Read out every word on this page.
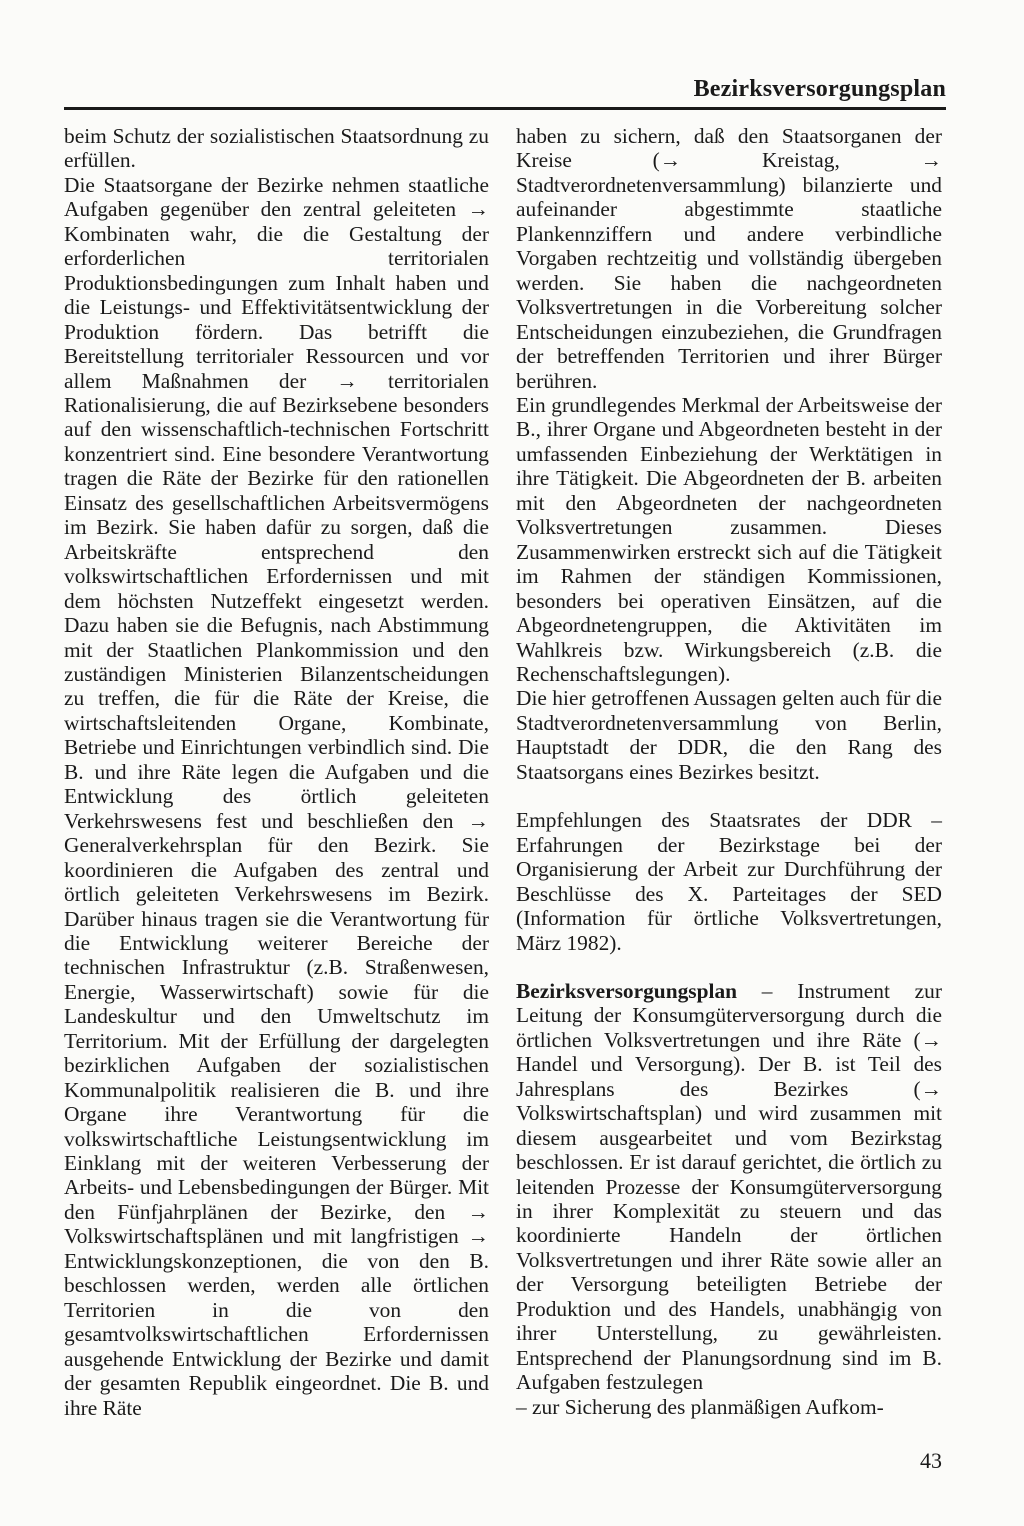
Bezirksversorgungsplan

beim Schutz der sozialistischen Staatsordnung zu erfüllen.

Die Staatsorgane der Bezirke nehmen staatliche Aufgaben gegenüber den zentral geleiteten → Kombinaten wahr, die die Gestaltung der erforderlichen territorialen Produktionsbedingungen zum Inhalt haben und die Leistungs- und Effektivitätsentwicklung der Produktion fördern. Das betrifft die Bereitstellung territorialer Ressourcen und vor allem Maßnahmen der → territorialen Rationalisierung, die auf Bezirksebene besonders auf den wissenschaftlich-technischen Fortschritt konzentriert sind. Eine besondere Verantwortung tragen die Räte der Bezirke für den rationellen Einsatz des gesellschaftlichen Arbeitsvermögens im Bezirk. Sie haben dafür zu sorgen, daß die Arbeitskräfte entsprechend den volkswirtschaftlichen Erfordernissen und mit dem höchsten Nutzeffekt eingesetzt werden. Dazu haben sie die Befugnis, nach Abstimmung mit der Staatlichen Plankommission und den zuständigen Ministerien Bilanzentscheidungen zu treffen, die für die Räte der Kreise, die wirtschaftsleitenden Organe, Kombinate, Betriebe und Einrichtungen verbindlich sind. Die B. und ihre Räte legen die Aufgaben und die Entwicklung des örtlich geleiteten Verkehrswesens fest und beschließen den → Generalverkehrsplan für den Bezirk. Sie koordinieren die Aufgaben des zentral und örtlich geleiteten Verkehrswesens im Bezirk. Darüber hinaus tragen sie die Verantwortung für die Entwicklung weiterer Bereiche der technischen Infrastruktur (z.B. Straßenwesen, Energie, Wasserwirtschaft) sowie für die Landeskultur und den Umweltschutz im Territorium. Mit der Erfüllung der dargelegten bezirklichen Aufgaben der sozialistischen Kommunalpolitik realisieren die B. und ihre Organe ihre Verantwortung für die volkswirtschaftliche Leistungsentwicklung im Einklang mit der weiteren Verbesserung der Arbeits- und Lebensbedingungen der Bürger. Mit den Fünfjahrplänen der Bezirke, den → Volkswirtschaftsplänen und mit langfristigen → Entwicklungskonzeptionen, die von den B. beschlossen werden, werden alle örtlichen Territorien in die von den gesamtvolkswirtschaftlichen Erfordernissen ausgehende Entwicklung der Bezirke und damit der gesamten Republik eingeordnet. Die B. und ihre Räte

haben zu sichern, daß den Staatsorganen der Kreise (→ Kreistag, → Stadtverordnetenversammlung) bilanzierte und aufeinander abgestimmte staatliche Plankennziffern und andere verbindliche Vorgaben rechtzeitig und vollständig übergeben werden. Sie haben die nachgeordneten Volksvertretungen in die Vorbereitung solcher Entscheidungen einzubeziehen, die Grundfragen der betreffenden Territorien und ihrer Bürger berühren.

Ein grundlegendes Merkmal der Arbeitsweise der B., ihrer Organe und Abgeordneten besteht in der umfassenden Einbeziehung der Werktätigen in ihre Tätigkeit. Die Abgeordneten der B. arbeiten mit den Abgeordneten der nachgeordneten Volksvertretungen zusammen. Dieses Zusammenwirken erstreckt sich auf die Tätigkeit im Rahmen der ständigen Kommissionen, besonders bei operativen Einsätzen, auf die Abgeordnetengruppen, die Aktivitäten im Wahlkreis bzw. Wirkungsbereich (z.B. die Rechenschaftslegungen).

Die hier getroffenen Aussagen gelten auch für die Stadtverordnetenversammlung von Berlin, Hauptstadt der DDR, die den Rang des Staatsorgans eines Bezirkes besitzt.

Empfehlungen des Staatsrates der DDR – Erfahrungen der Bezirkstage bei der Organisierung der Arbeit zur Durchführung der Beschlüsse des X. Parteitages der SED (Information für örtliche Volksvertretungen, März 1982).

Bezirksversorgungsplan – Instrument zur Leitung der Konsumgüterversorgung durch die örtlichen Volksvertretungen und ihre Räte (→ Handel und Versorgung). Der B. ist Teil des Jahresplans des Bezirkes (→ Volkswirtschaftsplan) und wird zusammen mit diesem ausgearbeitet und vom Bezirkstag beschlossen. Er ist darauf gerichtet, die örtlich zu leitenden Prozesse der Konsumgüterversorgung in ihrer Komplexität zu steuern und das koordinierte Handeln der örtlichen Volksvertretungen und ihrer Räte sowie aller an der Versorgung beteiligten Betriebe der Produktion und des Handels, unabhängig von ihrer Unterstellung, zu gewährleisten. Entsprechend der Planungsordnung sind im B. Aufgaben festzulegen

– zur Sicherung des planmäßigen Aufkom-

43
